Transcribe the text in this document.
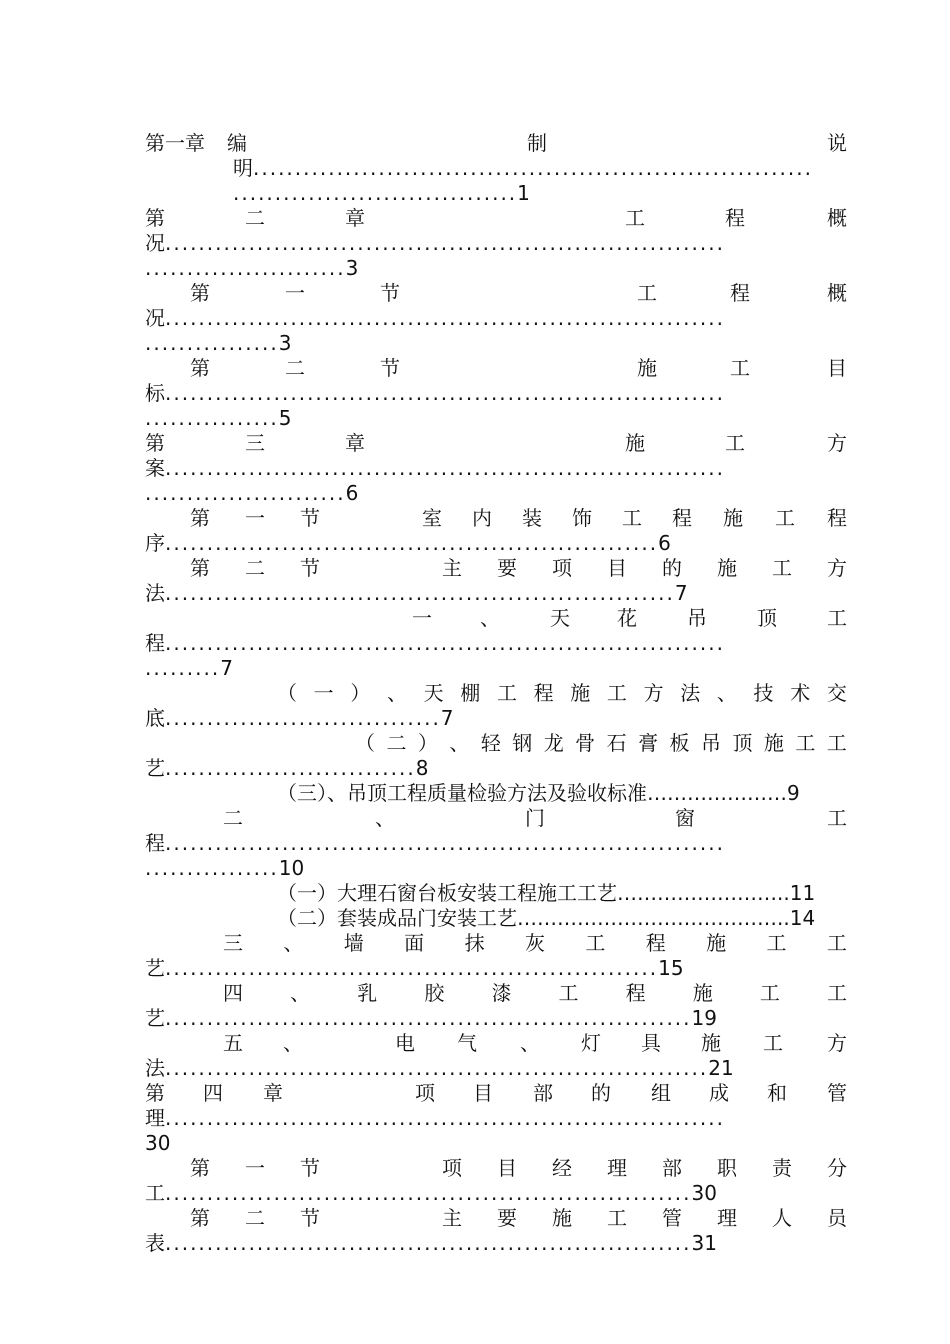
第一章 编	制	说
明...................................................................
..................................1
第	二	章	工	程	概
况...................................................................
........................3
第	一	节	工	程	概
况...................................................................
................3
第	二	节	施	工	目
标...................................................................
................5
第	三	章	施	工	方
案...................................................................
........................6
第 一 节	室 内 装 饰 工 程 施 工 程
序...........................................................6
第 二 节	主 要 项 目 的 施 工 方
法.............................................................7
一 、	天 花	吊	顶	工
程...................................................................
.........7
（ 一 ） 、 天 棚 工 程 施 工 方 法 、 技 术 交
底.................................7
（ 二 ） 、 轻 钢 龙 骨 石 膏 板 吊 顶 施 工 工
艺..............................8
（三）、吊顶工程质量检验方法及验收标准…………………9
二	、	门	窗	工
程...................................................................
................10
（一）大理石窗台板安装工程施工工艺……………………..11
（二）套装成品门安装工艺…………………………………..14
三 、 墙 面 抹 灰 工 程 施 工 工
艺...........................................................15
四 、 乳 胶 漆 工 程 施 工 工
艺...............................................................19
五 、	电 气 、 灯 具 施 工 方
法.................................................................21
第 四 章	项 目 部 的 组 成 和 管
理...................................................................
30
第 一 节	项 目 经 理 部 职 责 分
工...............................................................30
第 二 节	主 要 施 工 管 理 人 员
表...............................................................31
